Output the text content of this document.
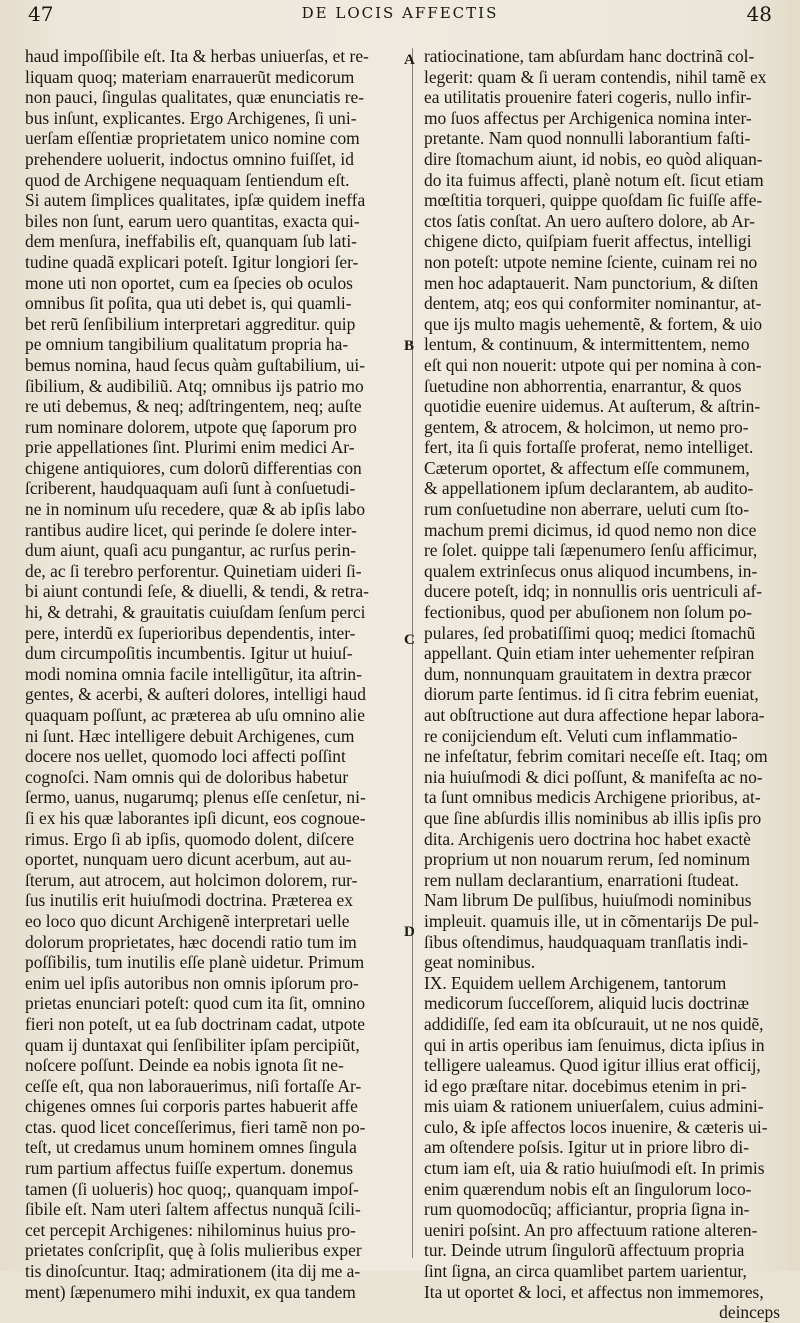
47	DE LOCIS AFFECTIS	48
A
B
C
D
haud impoſſibile eſt. Ita & herbas uniuerſas, et re-
liquam quoq; materiam enarrauerũt medicorum
non pauci, ſingulas qualitates, quæ enunciatis re-
bus inſunt, explicantes. Ergo Archigenes, ſi uni-
uerſam eſſentiæ proprietatem unico nomine com
prehendere uoluerit, indoctus omnino fuiſſet, id
quod de Archigene nequaquam ſentiendum eſt.
Si autem ſimplices qualitates, ipſæ quidem ineffa
biles non ſunt, earum uero quantitas, exacta qui-
dem menſura, ineffabilis eſt, quanquam ſub lati-
tudine quadã explicari poteſt. Igitur longiori ſer-
mone uti non oportet, cum ea ſpecies ob oculos
omnibus ſit poſita, qua uti debet is, qui quamli-
bet rerũ ſenſibilium interpretari aggreditur. quip
pe omnium tangibilium qualitatum propria ha-
bemus nomina, haud ſecus quàm guſtabilium, ui-
ſibilium, & audibiliũ. Atq; omnibus ijs patrio mo
re uti debemus, & neq; adſtringentem, neq; auſte
rum nominare dolorem, utpote quę ſaporum pro
prie appellationes ſint. Plurimi enim medici Ar-
chigene antiquiores, cum dolorũ differentias con
ſcriberent, haudquaquam auſi ſunt à conſuetudi-
ne in nominum uſu recedere, quæ & ab ipſis labo
rantibus audire licet, qui perinde ſe dolere inter-
dum aiunt, quaſi acu pungantur, ac rurſus perin-
de, ac ſi terebro perforentur. Quinetiam uideri ſi-
bi aiunt contundi ſeſe, & diuelli, & tendi, & retra-
hi, & detrahi, & grauitatis cuiuſdam ſenſum perci
pere, interdũ ex ſuperioribus dependentis, inter-
dum circumpoſitis incumbentis. Igitur ut huiuſ-
modi nomina omnia facile intelligũtur, ita aſtrin-
gentes, & acerbi, & auſteri dolores, intelligi haud
quaquam poſſunt, ac præterea ab uſu omnino alie
ni ſunt. Hæc intelligere debuit Archigenes, cum
docere nos uellet, quomodo loci affecti poſſint
cognoſci. Nam omnis qui de doloribus habetur
ſermo, uanus, nugarumq; plenus eſſe cenſetur, ni-
ſi ex his quæ laborantes ipſi dicunt, eos cognoue-
rimus. Ergo ſi ab ipſis, quomodo dolent, diſcere
oportet, nunquam uero dicunt acerbum, aut au-
ſterum, aut atrocem, aut holcimon dolorem, rur-
ſus inutilis erit huiuſmodi doctrina. Præterea ex
eo loco quo dicunt Archigenẽ interpretari uelle
dolorum proprietates, hæc docendi ratio tum im
poſſibilis, tum inutilis eſſe planè uidetur. Primum
enim uel ipſis autoribus non omnis ipſorum pro-
prietas enunciari poteſt: quod cum ita ſit, omnino
fieri non poteſt, ut ea ſub doctrinam cadat, utpote
quam ij duntaxat qui ſenſibiliter ipſam percipiũt,
noſcere poſſunt. Deinde ea nobis ignota ſit ne-
ceſſe eſt, qua non laborauerimus, niſi fortaſſe Ar-
chigenes omnes ſui corporis partes habuerit affe
ctas. quod licet conceſſerimus, fieri tamẽ non po-
teſt, ut credamus unum hominem omnes ſingula
rum partium affectus fuiſſe expertum. donemus
tamen (ſi uolueris) hoc quoq;, quanquam impoſ-
ſibile eſt. Nam uteri ſaltem affectus nunquã ſcili-
cet percepit Archigenes: nihilominus huius pro-
prietates conſcripſit, quę à ſolis mulieribus exper
tis dinoſcuntur. Itaq; admirationem (ita dij me a-
ment) ſæpenumero mihi induxit, ex qua tandem
ratiocinatione, tam abſurdam hanc doctrinã col-
legerit: quam & ſi ueram contendis, nihil tamẽ ex
ea utilitatis prouenire fateri cogeris, nullo infir-
mo ſuos affectus per Archigenica nomina inter-
pretante. Nam quod nonnulli laborantium faſti-
dire ſtomachum aiunt, id nobis, eo quòd aliquan-
do ita fuimus affecti, planè notum eſt. ſicut etiam
mœſtitia torqueri, quippe quoſdam ſic fuiſſe affe-
ctos ſatis conſtat. An uero auſtero dolore, ab Ar-
chigene dicto, quiſpiam fuerit affectus, intelligi
non poteſt: utpote nemine ſciente, cuinam rei no
men hoc adaptauerit. Nam punctorium, & diſten
dentem, atq; eos qui conformiter nominantur, at-
que ijs multo magis uehementẽ, & fortem, & uio
lentum, & continuum, & intermittentem, nemo
eſt qui non nouerit: utpote qui per nomina à con-
ſuetudine non abhorrentia, enarrantur, & quos
quotidie euenire uidemus. At auſterum, & aſtrin-
gentem, & atrocem, & holcimon, ut nemo pro-
fert, ita ſi quis fortaſſe proferat, nemo intelliget.
Cæterum oportet, & affectum eſſe communem,
& appellationem ipſum declarantem, ab audito-
rum conſuetudine non aberrare, ueluti cum ſto-
machum premi dicimus, id quod nemo non dice
re ſolet. quippe tali ſæpenumero ſenſu afficimur,
qualem extrinſecus onus aliquod incumbens, in-
ducere poteſt, idq; in nonnullis oris uentriculi af-
fectionibus, quod per abuſionem non ſolum po-
pulares, ſed probatiſſimi quoq; medici ſtomachũ
appellant. Quin etiam inter uehementer reſpiran
dum, nonnunquam grauitatem in dextra præcor
diorum parte ſentimus. id ſi citra febrim eueniat,
aut obſtructione aut dura affectione hepar labora-
re conijciendum eſt. Veluti cum inflammatio-
ne infeſtatur, febrim comitari neceſſe eſt. Itaq; om
nia huiuſmodi & dici poſſunt, & manifeſta ac no-
ta ſunt omnibus medicis Archigene prioribus, at-
que ſine abſurdis illis nominibus ab illis ipſis pro
dita. Archigenis uero doctrina hoc habet exactè
proprium ut non nouarum rerum, ſed nominum
rem nullam declarantium, enarrationi ſtudeat.
Nam librum De pulſibus, huiuſmodi nominibus
impleuit. quamuis ille, ut in cõmentarijs De pul-
ſibus oſtendimus, haudquaquam tranſlatis indi-
geat nominibus.
IX. Equidem uellem Archigenem, tantorum
medicorum ſucceſſorem, aliquid lucis doctrinæ
addidiſſe, ſed eam ita obſcurauit, ut ne nos quidẽ,
qui in artis operibus iam ſenuimus, dicta ipſius in
telligere ualeamus. Quod igitur illius erat officij,
id ego præſtare nitar. docebimus etenim in pri-
mis uiam & rationem uniuerſalem, cuius admini-
culo, & ipſe affectos locos inuenire, & cæteris ui-
am oſtendere poſsis. Igitur ut in priore libro di-
ctum iam eſt, uia & ratio huiuſmodi eſt. In primis
enim quærendum nobis eſt an ſingulorum loco-
rum quomodocũq; afficiantur, propria ſigna in-
ueniri poſsint. An pro affectuum ratione alteren-
tur. Deinde utrum ſingulorũ affectuum propria
ſint ſigna, an circa quamlibet partem uarientur,
Ita ut oportet & loci, et affectus non immemores,
deinceps
